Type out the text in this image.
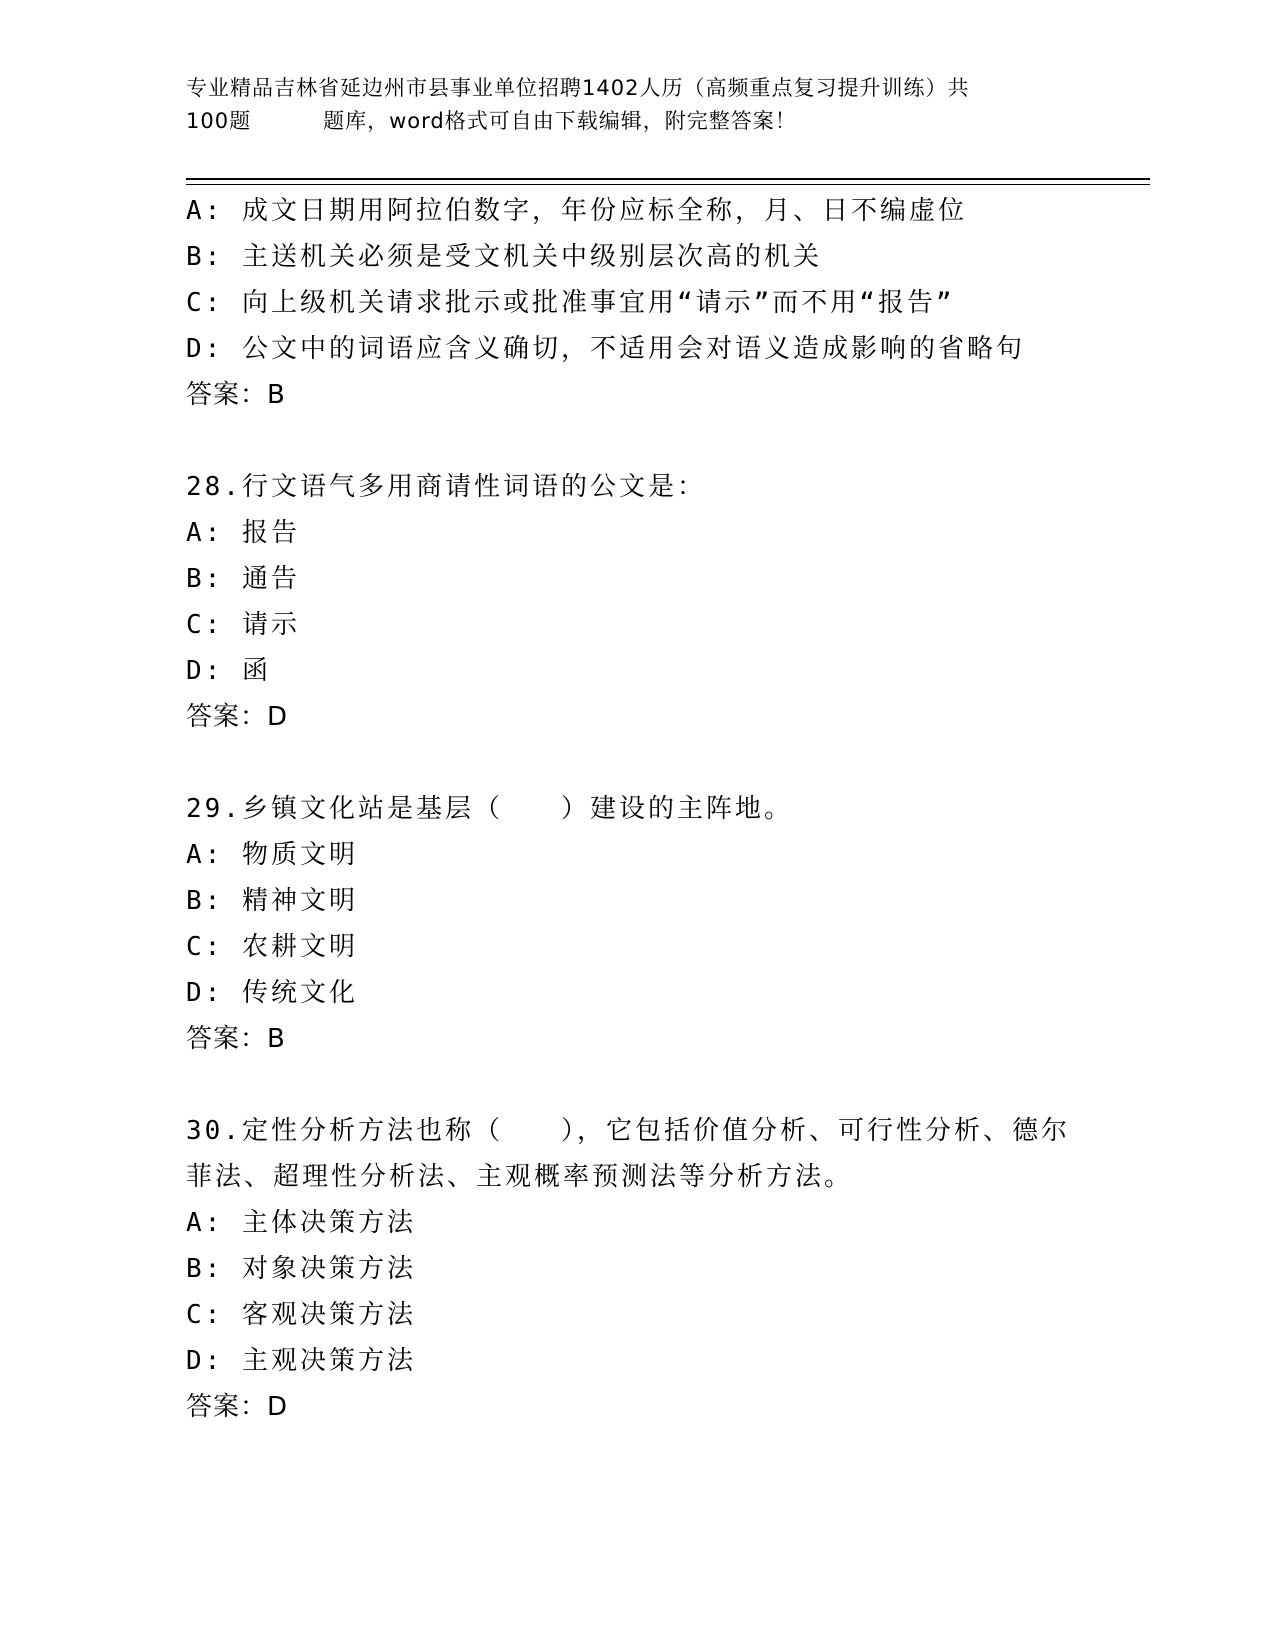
专业精品吉林省延边州市县事业单位招聘1402人历（高频重点复习提升训练）共
100题	题库，word格式可自由下载编辑，附完整答案！
A: 成文日期用阿拉伯数字，年份应标全称，月、日不编虚位
B: 主送机关必须是受文机关中级别层次高的机关
C: 向上级机关请求批示或批准事宜用“请示”而不用“报告”
D: 公文中的词语应含义确切，不适用会对语义造成影响的省略句
答案：B
28.行文语气多用商请性词语的公文是：
A: 报告
B: 通告
C: 请示
D: 函
答案：D
29.乡镇文化站是基层（　　）建设的主阵地。
A: 物质文明
B: 精神文明
C: 农耕文明
D: 传统文化
答案：B
30.定性分析方法也称（　　），它包括价值分析、可行性分析、德尔
菲法、超理性分析法、主观概率预测法等分析方法。
A: 主体决策方法
B: 对象决策方法
C: 客观决策方法
D: 主观决策方法
答案：D
